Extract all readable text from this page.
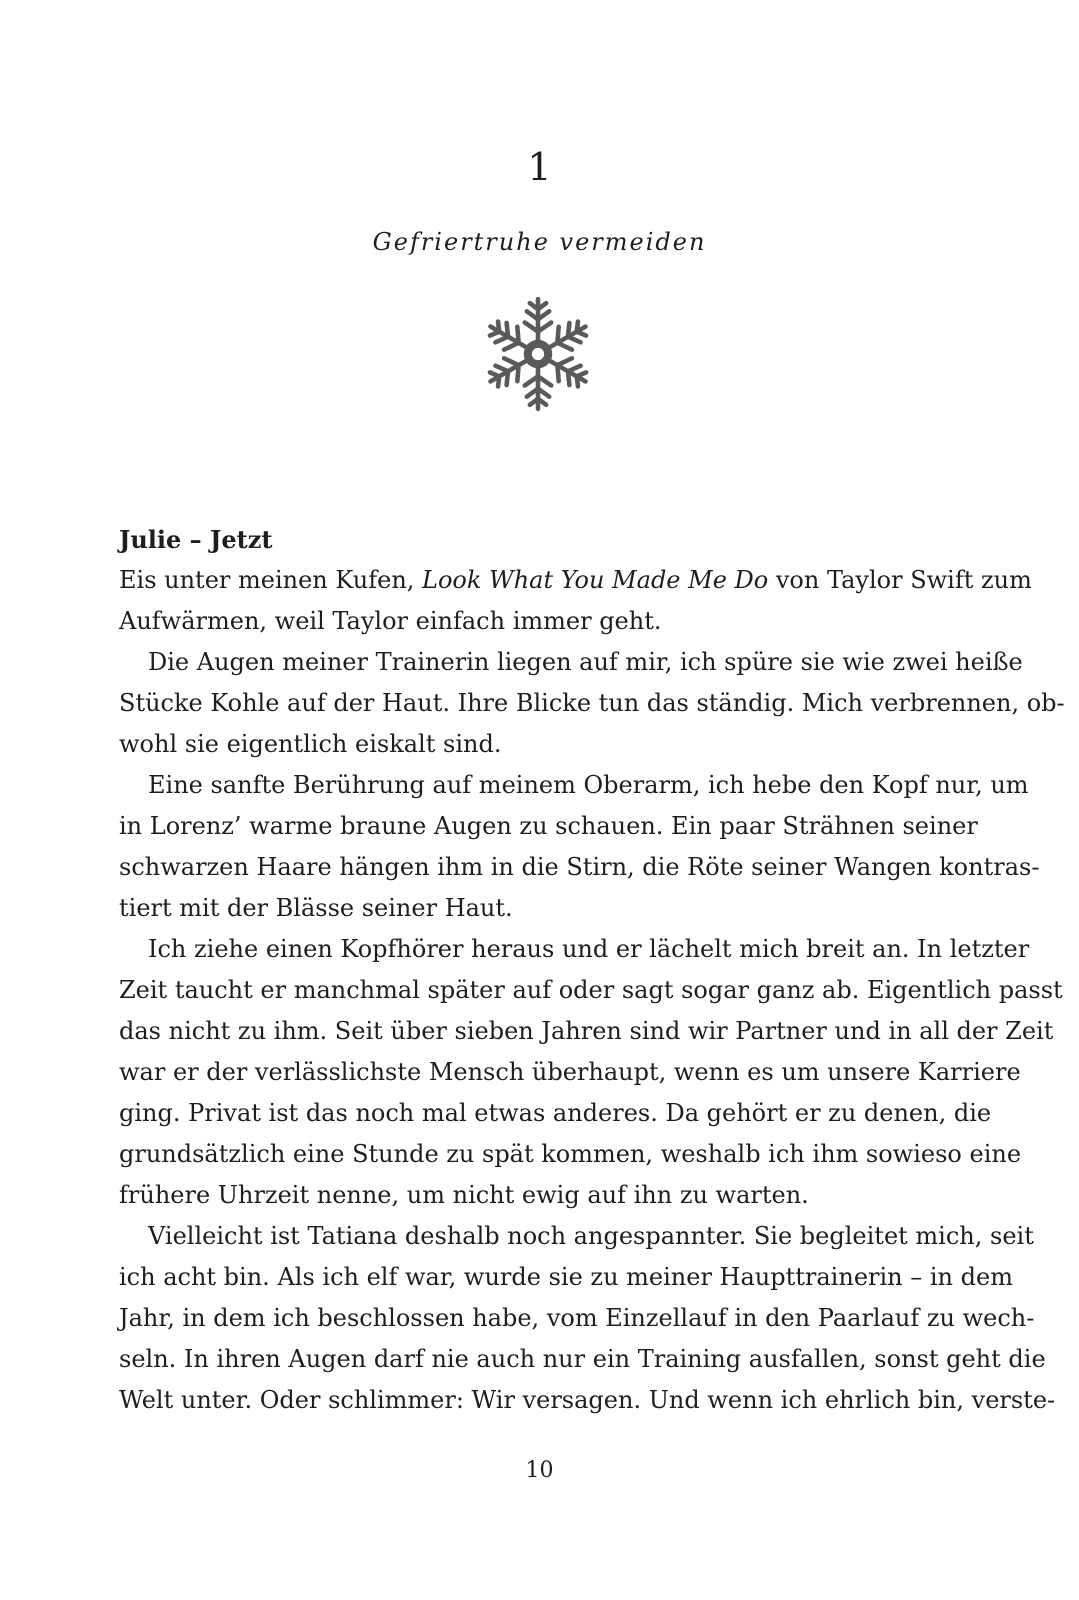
1
Gefriertruhe vermeiden
Julie – Jetzt
Eis unter meinen Kufen, Look What You Made Me Do von Taylor Swift zum
Aufwärmen, weil Taylor einfach immer geht.
Die Augen meiner Trainerin liegen auf mir, ich spüre sie wie zwei heiße
Stücke Kohle auf der Haut. Ihre Blicke tun das ständig. Mich verbrennen, ob-
wohl sie eigentlich eiskalt sind.
Eine sanfte Berührung auf meinem Oberarm, ich hebe den Kopf nur, um
in Lorenz’ warme braune Augen zu schauen. Ein paar Strähnen seiner
schwarzen Haare hängen ihm in die Stirn, die Röte seiner Wangen kontras-
tiert mit der Blässe seiner Haut.
Ich ziehe einen Kopfhörer heraus und er lächelt mich breit an. In letzter
Zeit taucht er manchmal später auf oder sagt sogar ganz ab. Eigentlich passt
das nicht zu ihm. Seit über sieben Jahren sind wir Partner und in all der Zeit
war er der verlässlichste Mensch überhaupt, wenn es um unsere Karriere
ging. Privat ist das noch mal etwas anderes. Da gehört er zu denen, die
grundsätzlich eine Stunde zu spät kommen, weshalb ich ihm sowieso eine
frühere Uhrzeit nenne, um nicht ewig auf ihn zu warten.
Vielleicht ist Tatiana deshalb noch angespannter. Sie begleitet mich, seit
ich acht bin. Als ich elf war, wurde sie zu meiner Haupttrainerin – in dem
Jahr, in dem ich beschlossen habe, vom Einzellauf in den Paarlauf zu wech-
seln. In ihren Augen darf nie auch nur ein Training ausfallen, sonst geht die
Welt unter. Oder schlimmer: Wir versagen. Und wenn ich ehrlich bin, verste-
10
